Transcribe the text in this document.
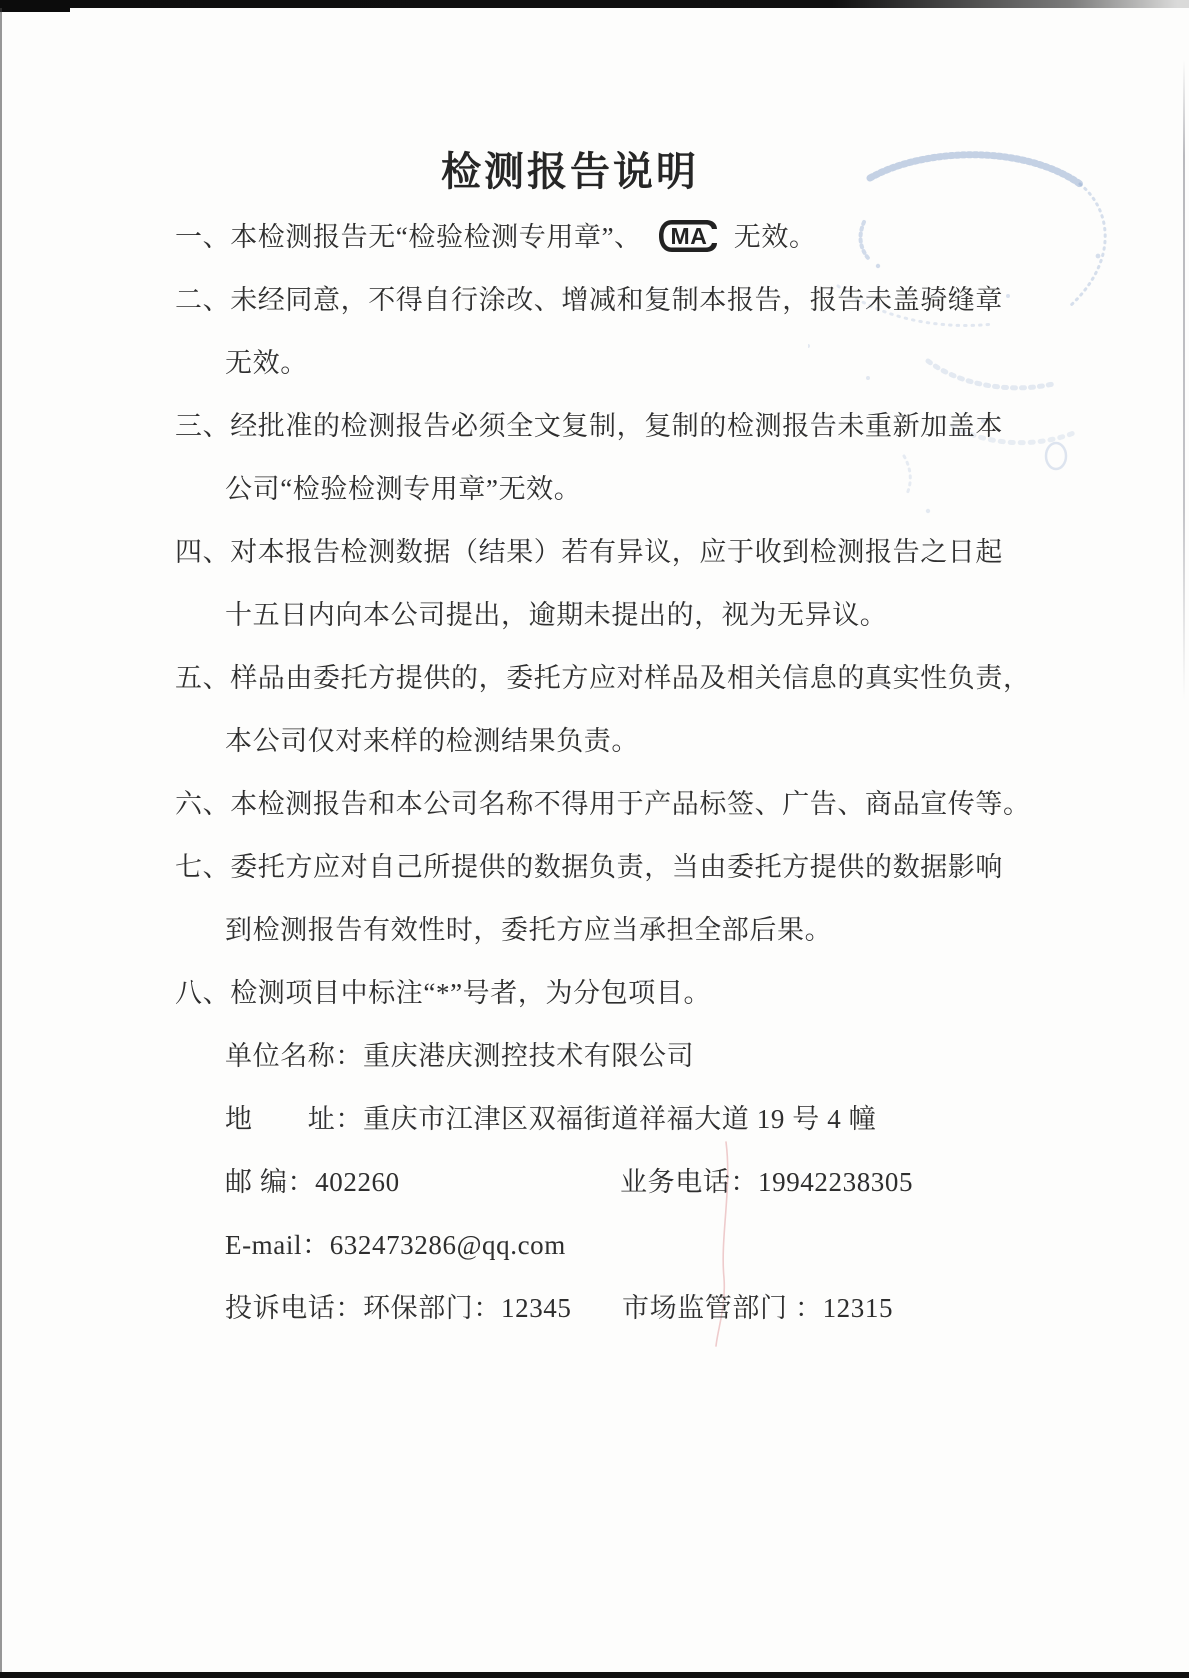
检测报告说明
一、本检测报告无“检验检测专用章”、 MA 无效。
二、未经同意，不得自行涂改、增减和复制本报告，报告未盖骑缝章
无效。
三、经批准的检测报告必须全文复制，复制的检测报告未重新加盖本
公司“检验检测专用章”无效。
四、对本报告检测数据（结果）若有异议，应于收到检测报告之日起
十五日内向本公司提出，逾期未提出的，视为无异议。
五、样品由委托方提供的，委托方应对样品及相关信息的真实性负责，
本公司仅对来样的检测结果负责。
六、本检测报告和本公司名称不得用于产品标签、广告、商品宣传等。
七、委托方应对自己所提供的数据负责，当由委托方提供的数据影响
到检测报告有效性时，委托方应当承担全部后果。
八、检测项目中标注“*”号者，为分包项目。
单位名称：重庆港庆测控技术有限公司
地　　址：重庆市江津区双福街道祥福大道 19 号 4 幢
邮 编：402260	业务电话：19942238305
E-mail：632473286@qq.com
投诉电话：环保部门：12345 市场监管部门 ：12315
